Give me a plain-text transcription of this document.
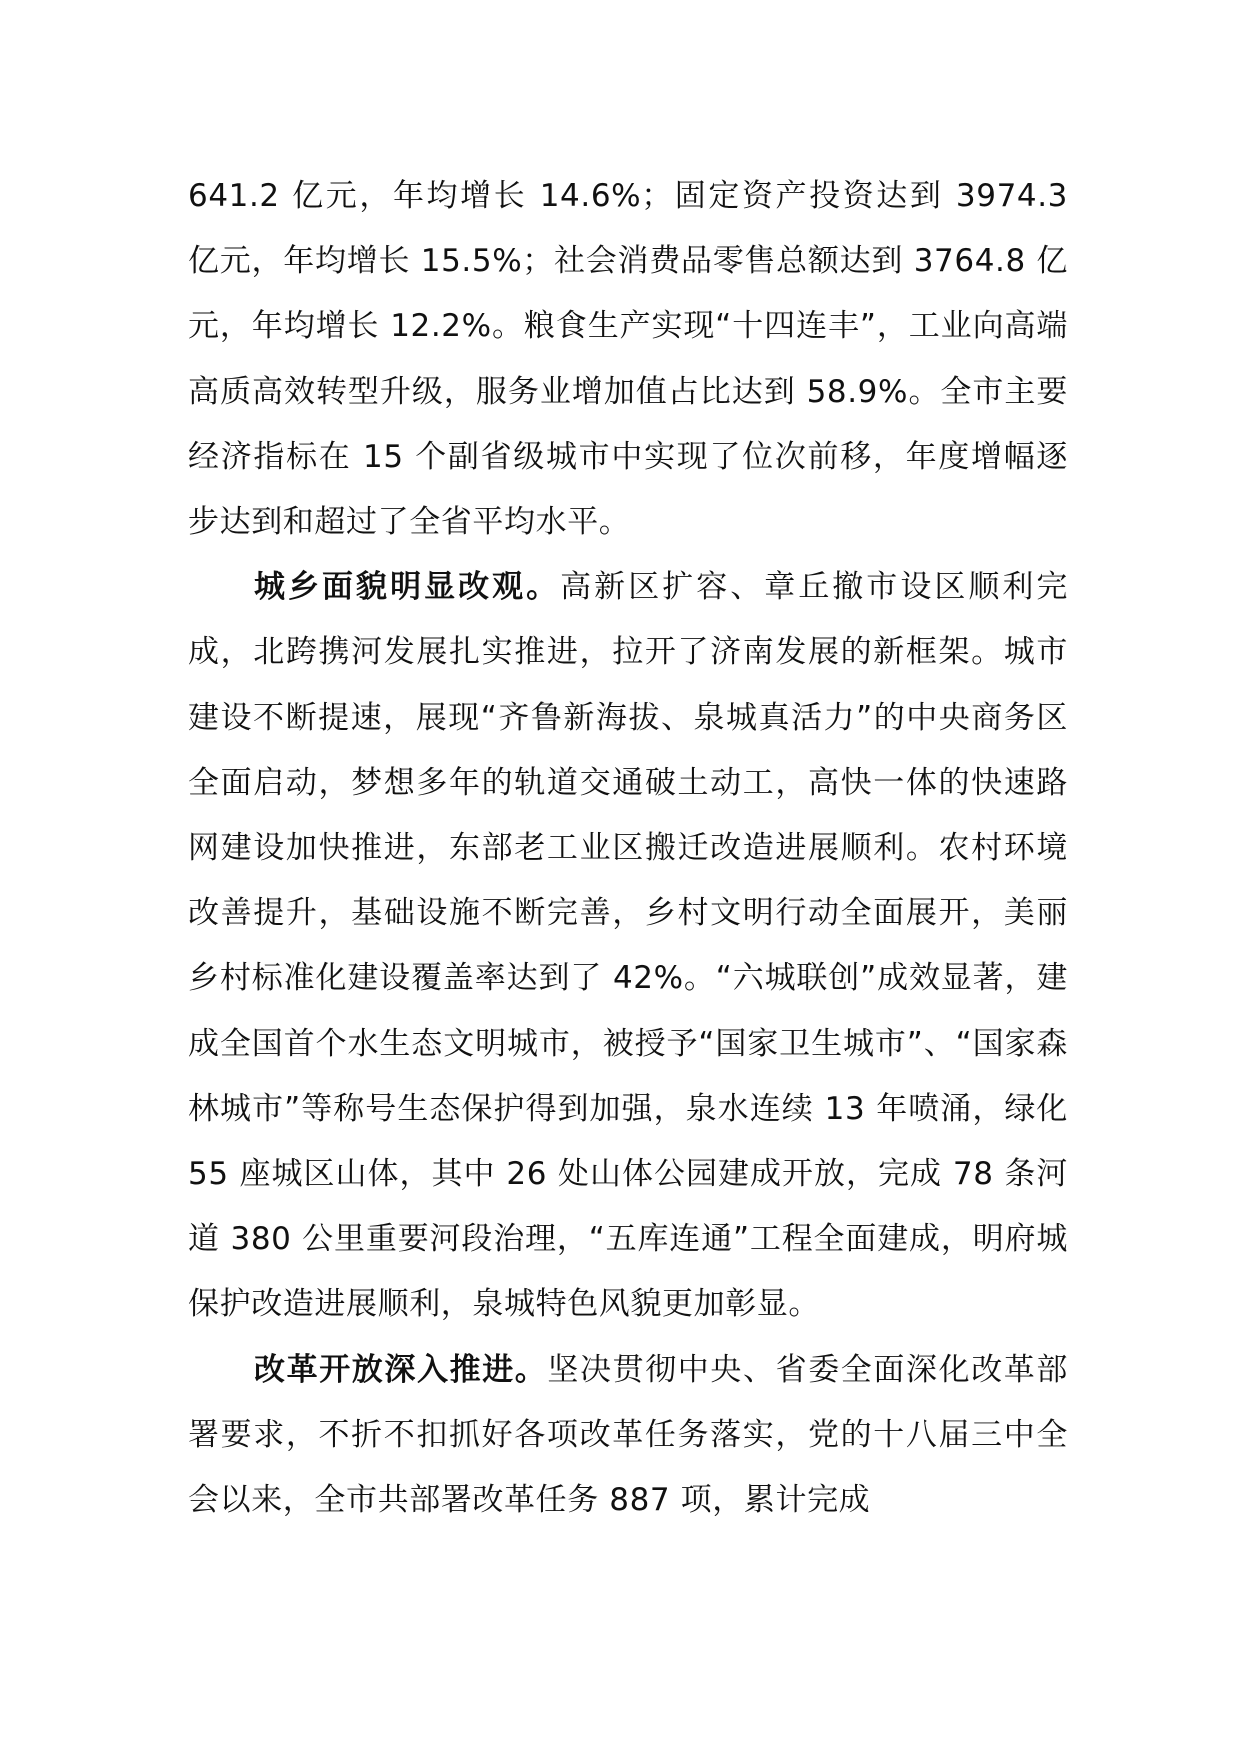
641.2 亿元，年均增长 14.6%；固定资产投资达到 3974.3 亿元，年均增长 15.5%；社会消费品零售总额达到 3764.8 亿元，年均增长 12.2%。粮食生产实现“十四连丰”，工业向高端高质高效转型升级，服务业增加值占比达到 58.9%。全市主要经济指标在 15 个副省级城市中实现了位次前移，年度增幅逐步达到和超过了全省平均水平。

城乡面貌明显改观。高新区扩容、章丘撤市设区顺利完成，北跨携河发展扎实推进，拉开了济南发展的新框架。城市建设不断提速，展现“齐鲁新海拔、泉城真活力”的中央商务区全面启动，梦想多年的轨道交通破土动工，高快一体的快速路网建设加快推进，东部老工业区搬迁改造进展顺利。农村环境改善提升，基础设施不断完善，乡村文明行动全面展开，美丽乡村标准化建设覆盖率达到了 42%。“六城联创”成效显著，建成全国首个水生态文明城市，被授予“国家卫生城市”、“国家森林城市”等称号生态保护得到加强，泉水连续 13 年喷涌，绿化 55 座城区山体，其中 26 处山体公园建成开放，完成 78 条河道 380 公里重要河段治理，“五库连通”工程全面建成，明府城保护改造进展顺利，泉城特色风貌更加彰显。

改革开放深入推进。坚决贯彻中央、省委全面深化改革部署要求，不折不扣抓好各项改革任务落实，党的十八届三中全会以来，全市共部署改革任务 887 项，累计完成
